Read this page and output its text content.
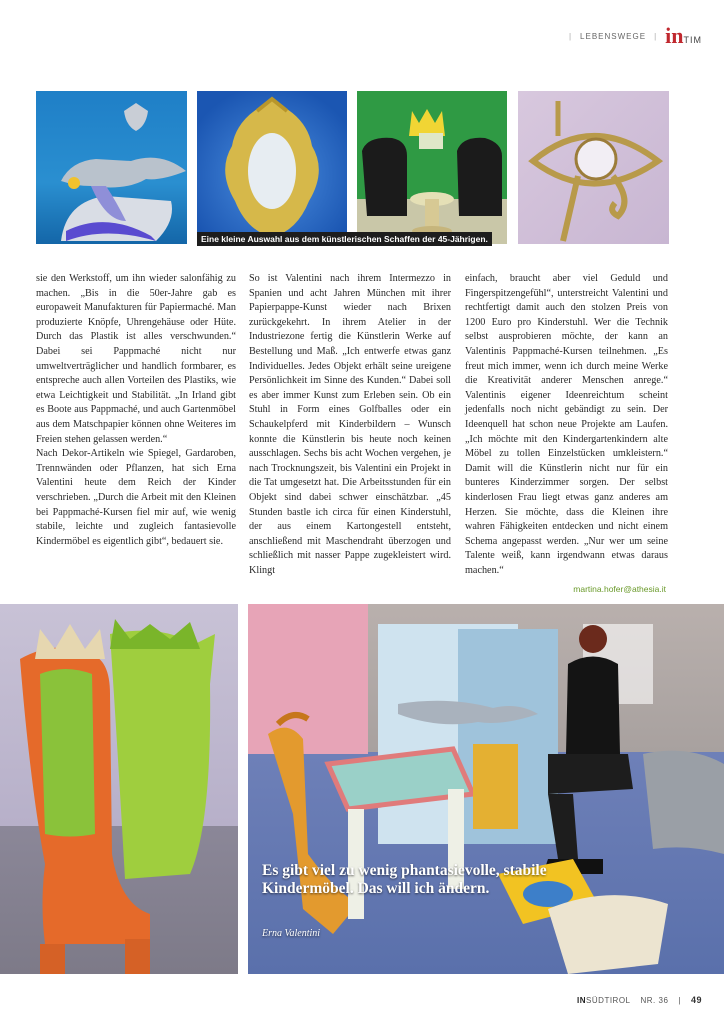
| LEBENSWEGE | inTIM
Eine kleine Auswahl aus dem künstlerischen Schaffen der 45-Jährigen.

sie den Werkstoff, um ihn wieder salonfähig zu machen. „Bis in die 50er-Jahre gab es europaweit Manufakturen für Papiermaché. Man produzierte Knöpfe, Uhrengehäuse oder Hüte. Durch das Plastik ist alles verschwunden.“ Dabei sei Pappmaché nicht nur umweltverträglicher und handlich formbarer, es entspreche auch allen Vorteilen des Plastiks, wie etwa Leichtigkeit und Stabilität. „In Irland gibt es Boote aus Pappmaché, und auch Gartenmöbel aus dem Matschpapier können ohne Weiteres im Freien stehen gelassen werden.“

Nach Dekor-Artikeln wie Spiegel, Gardaroben, Trennwänden oder Pflanzen, hat sich Erna Valentini heute dem Reich der Kinder verschrieben. „Durch die Arbeit mit den Kleinen bei Pappmaché-Kursen fiel mir auf, wie wenig stabile, leichte und zugleich fantasievolle Kindermöbel es eigentlich gibt“, bedauert sie.

So ist Valentini nach ihrem Intermezzo in Spanien und acht Jahren München mit ihrer Papierpappe-Kunst wieder nach Brixen zurückgekehrt. In ihrem Atelier in der Industriezone fertig die Künstlerin Werke auf Bestellung und Maß. „Ich entwerfe etwas ganz Individuelles. Jedes Objekt erhält seine ureigene Persönlichkeit im Sinne des Kunden.“ Dabei soll es aber immer Kunst zum Erleben sein. Ob ein Stuhl in Form eines Golfballes oder ein Schaukelpferd mit Kinderbildern – Wunsch konnte die Künstlerin bis heute noch keinen ausschlagen. Sechs bis acht Wochen vergehen, je nach Trocknungszeit, bis Valentini ein Projekt in die Tat umgesetzt hat. Die Arbeitsstunden für ein Objekt sind dabei schwer einschätzbar. „45 Stunden bastle ich circa für einen Kinderstuhl, der aus einem Kartongestell entsteht, anschließend mit Maschendraht überzogen und schließlich mit nasser Pappe zugekleistert wird. Klingt

einfach, braucht aber viel Geduld und Fingerspitzengefühl“, unterstreicht Valentini und rechtfertigt damit auch den stolzen Preis von 1200 Euro pro Kinderstuhl. Wer die Technik selbst ausprobieren möchte, der kann an Valentinis Pappmaché-Kursen teilnehmen. „Es freut mich immer, wenn ich durch meine Werke die Kreativität anderer Menschen anrege.“ Valentinis eigener Ideenreichtum scheint jedenfalls noch nicht gebändigt zu sein. Der Ideenquell hat schon neue Projekte am Laufen. „Ich möchte mit den Kindergartenkindern alte Möbel zu tollen Einzelstücken umkleistern.“ Damit will die Künstlerin nicht nur für ein bunteres Kinderzimmer sorgen. Der selbst kinderlosen Frau liegt etwas ganz anderes am Herzen. Sie möchte, dass die Kleinen ihre wahren Fähigkeiten entdecken und nicht einem Schema angepasst werden. „Nur wer um seine Talente weiß, kann irgendwann etwas daraus machen.“

martina.hofer@athesia.it
Es gibt viel zu wenig phantasievolle, stabile Kindermöbel. Das will ich ändern.
Erna Valentini
INSÜDTIROL NR. 36 | 49
